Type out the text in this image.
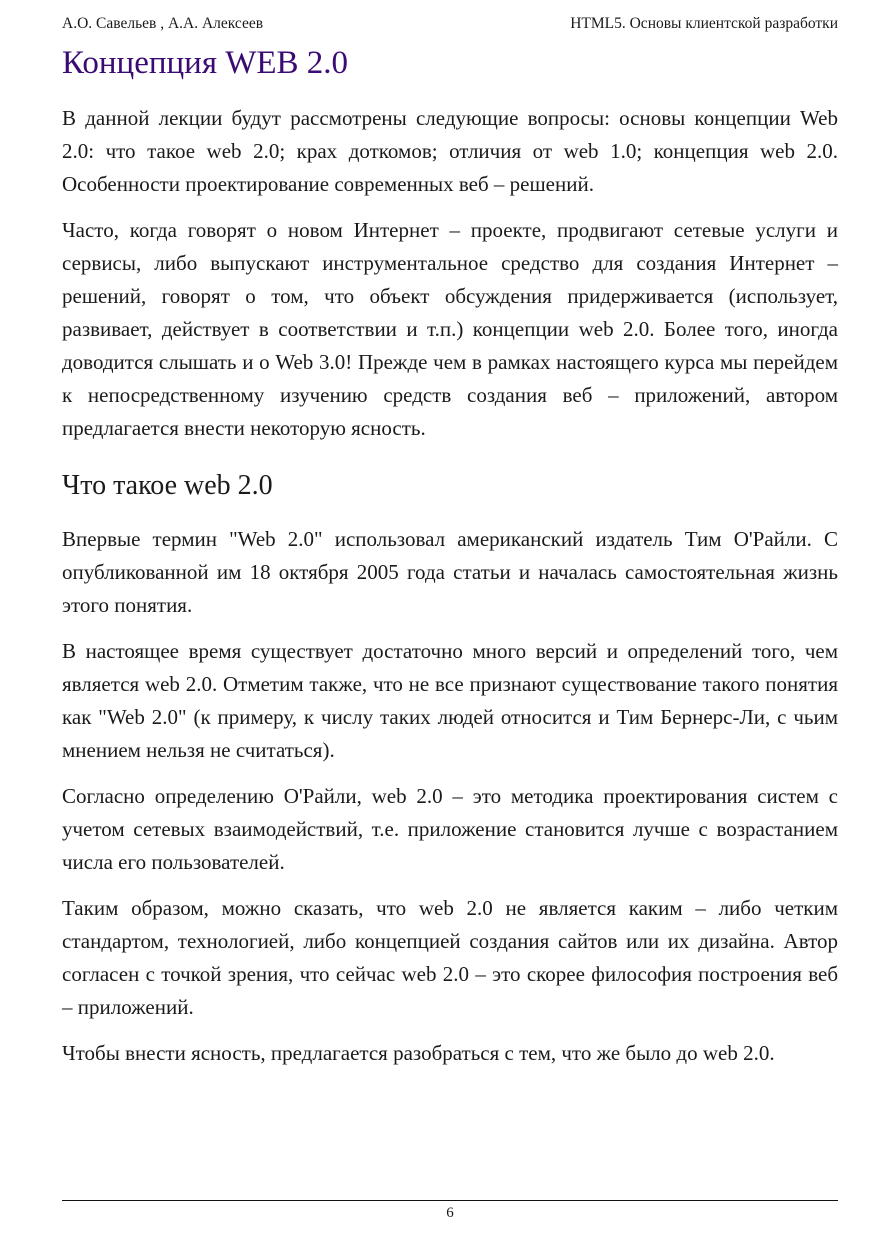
А.О. Савельев , А.А. Алексеев	HTML5. Основы клиентской разработки
Концепция WEB 2.0

В данной лекции будут рассмотрены следующие вопросы: основы концепции Web 2.0: что такое web 2.0; крах доткомов; отличия от web 1.0; концепция web 2.0. Особенности проектирование современных веб – решений.

Часто, когда говорят о новом Интернет – проекте, продвигают сетевые услуги и сервисы, либо выпускают инструментальное средство для создания Интернет – решений, говорят о том, что объект обсуждения придерживается (использует, развивает, действует в соответствии и т.п.) концепции web 2.0. Более того, иногда доводится слышать и о Web 3.0! Прежде чем в рамках настоящего курса мы перейдем к непосредственному изучению средств создания веб – приложений, автором предлагается внести некоторую ясность.

Что такое web 2.0

Впервые термин "Web 2.0" использовал американский издатель Тим О'Райли. С опубликованной им 18 октября 2005 года статьи и началась самостоятельная жизнь этого понятия.

В настоящее время существует достаточно много версий и определений того, чем является web 2.0. Отметим также, что не все признают существование такого понятия как "Web 2.0" (к примеру, к числу таких людей относится и Тим Бернерс-Ли, с чьим мнением нельзя не считаться).

Согласно определению О'Райли, web 2.0 – это методика проектирования систем с учетом сетевых взаимодействий, т.е. приложение становится лучше с возрастанием числа его пользователей.

Таким образом, можно сказать, что web 2.0 не является каким – либо четким стандартом, технологией, либо концепцией создания сайтов или их дизайна. Автор согласен с точкой зрения, что сейчас web 2.0 – это скорее философия построения веб – приложений.

Чтобы внести ясность, предлагается разобраться с тем, что же было до web 2.0.

6
